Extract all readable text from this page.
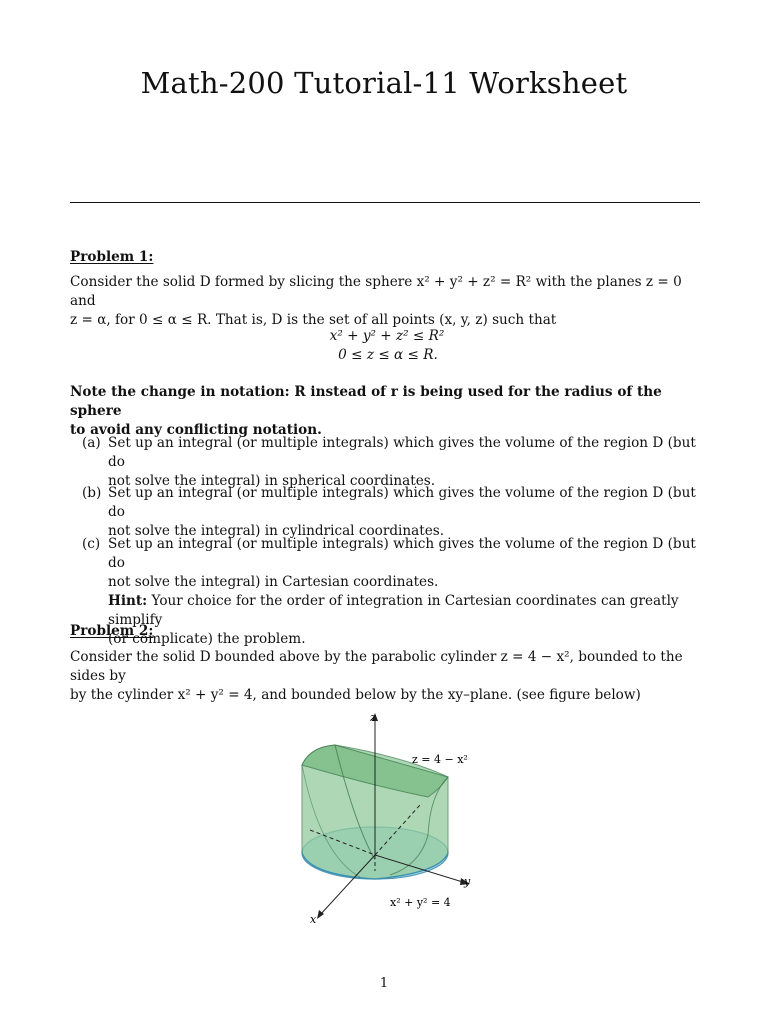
Math-200 Tutorial-11 Worksheet
Problem 1:
Consider the solid D formed by slicing the sphere x² + y² + z² = R² with the planes z = 0 and
z = α, for 0 ≤ α ≤ R. That is, D is the set of all points (x, y, z) such that
x² + y² + z² ≤ R²
0 ≤ z ≤ α ≤ R.
Note the change in notation: R instead of r is being used for the radius of the sphere
to avoid any conflicting notation.
(a) Set up an integral (or multiple integrals) which gives the volume of the region D (but do
not solve the integral) in spherical coordinates.
(b) Set up an integral (or multiple integrals) which gives the volume of the region D (but do
not solve the integral) in cylindrical coordinates.
(c) Set up an integral (or multiple integrals) which gives the volume of the region D (but do
not solve the integral) in Cartesian coordinates.
Hint: Your choice for the order of integration in Cartesian coordinates can greatly simplify
(or complicate) the problem.
Problem 2:
Consider the solid D bounded above by the parabolic cylinder z = 4 − x², bounded to the sides by
by the cylinder x² + y² = 4, and bounded below by the xy–plane. (see figure below)
z
y
x
z = 4 − x²
x² + y² = 4
1
